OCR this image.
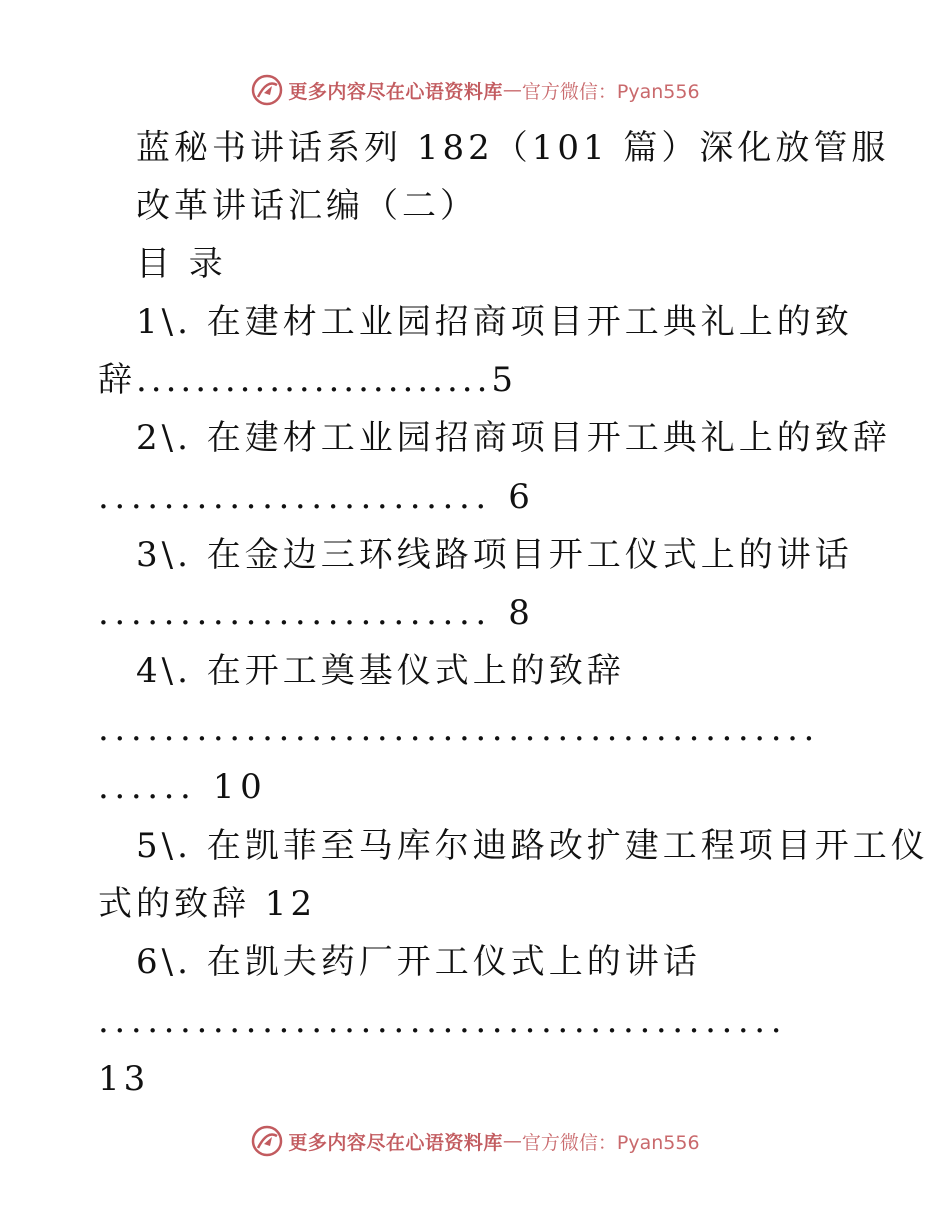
更多内容尽在心语资料库 — 官方微信：Pyan556
蓝秘书讲话系列 182（101 篇）深化放管服
改革讲话汇编（二）
目 录
1\. 在建材工业园招商项目开工典礼上的致
辞........................5
2\. 在建材工业园招商项目开工典礼上的致辞
........................ 6
3\. 在金边三环线路项目开工仪式上的讲话
........................ 8
4\. 在开工奠基仪式上的致辞
............................................
...... 10
5\. 在凯菲至马库尔迪路改扩建工程项目开工仪
式的致辞 12
6\. 在凯夫药厂开工仪式上的讲话
..........................................
13
更多内容尽在心语资料库 — 官方微信：Pyan556
